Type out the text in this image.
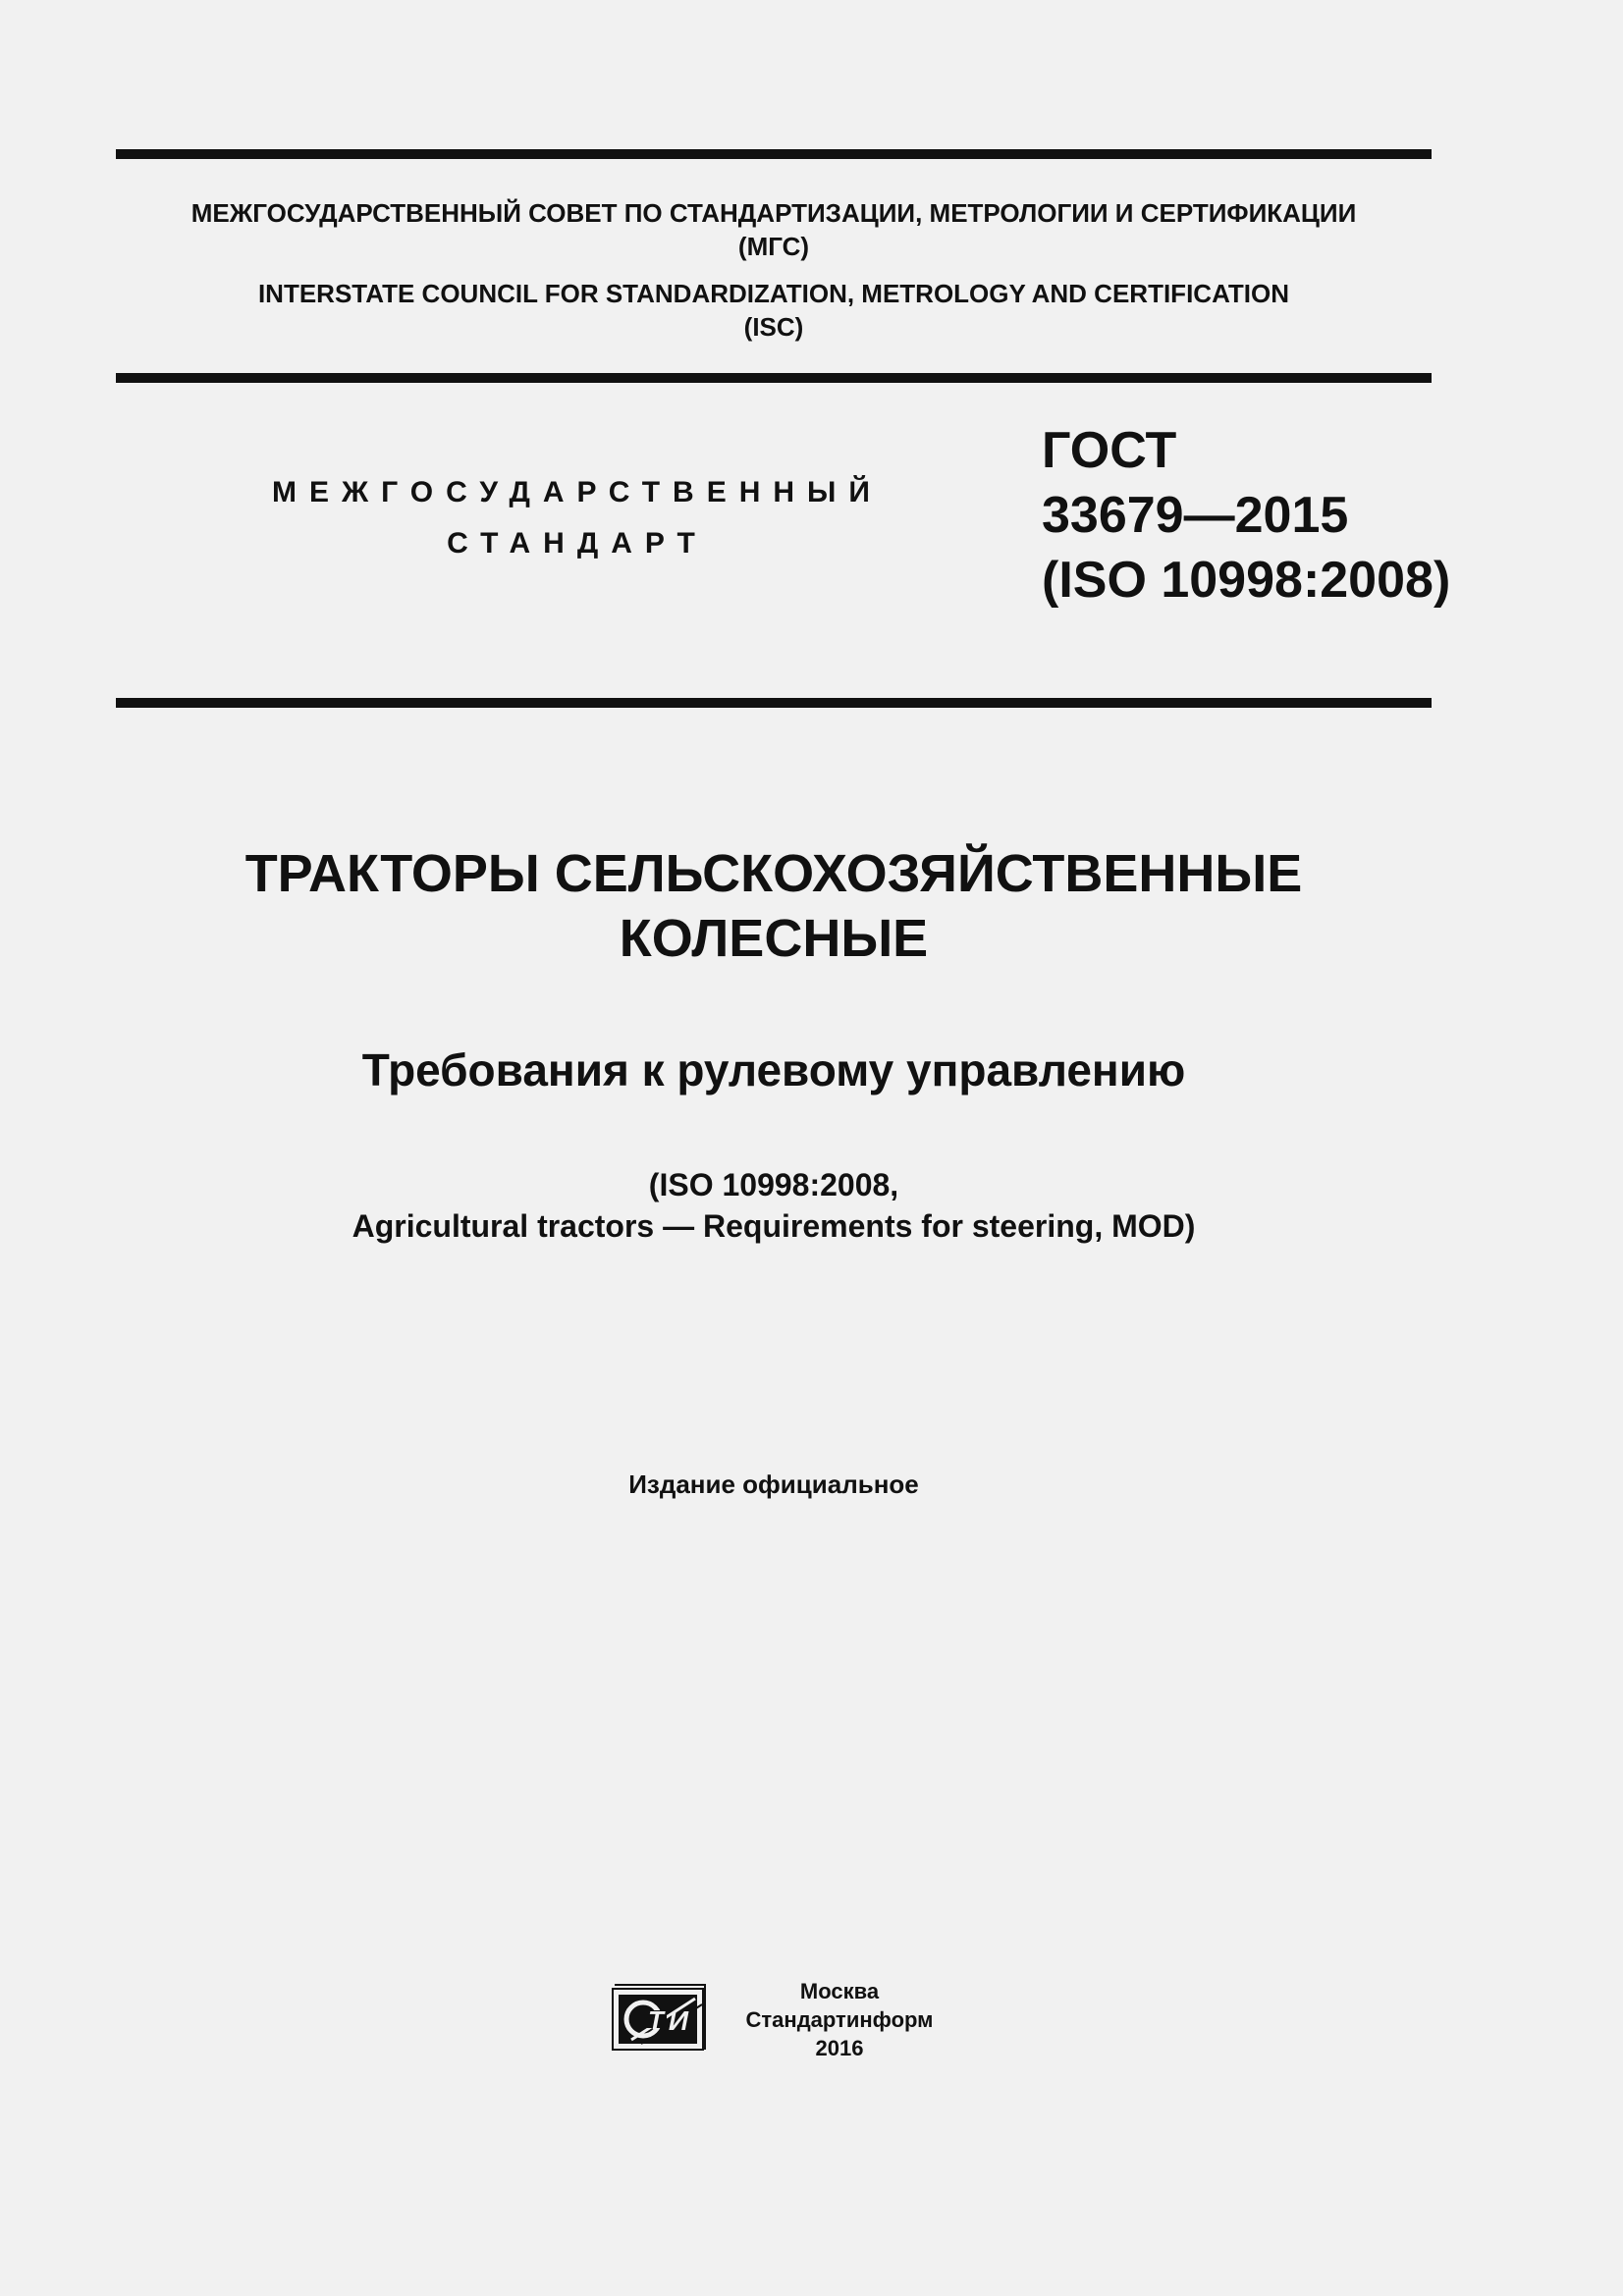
МЕЖГОСУДАРСТВЕННЫЙ СОВЕТ ПО СТАНДАРТИЗАЦИИ, МЕТРОЛОГИИ И СЕРТИФИКАЦИИ
(МГС)
INTERSTATE COUNCIL FOR STANDARDIZATION, METROLOGY AND CERTIFICATION
(ISC)
МЕЖГОСУДАРСТВЕННЫЙ
СТАНДАРТ
ГОСТ
33679—2015
(ISO 10998:2008)
ТРАКТОРЫ СЕЛЬСКОХОЗЯЙСТВЕННЫЕ
КОЛЕСНЫЕ
Требования к рулевому управлению
(ISO 10998:2008,
Agricultural tractors — Requirements for steering, MOD)
Издание официальное
Т И
Москва
Стандартинформ
2016
